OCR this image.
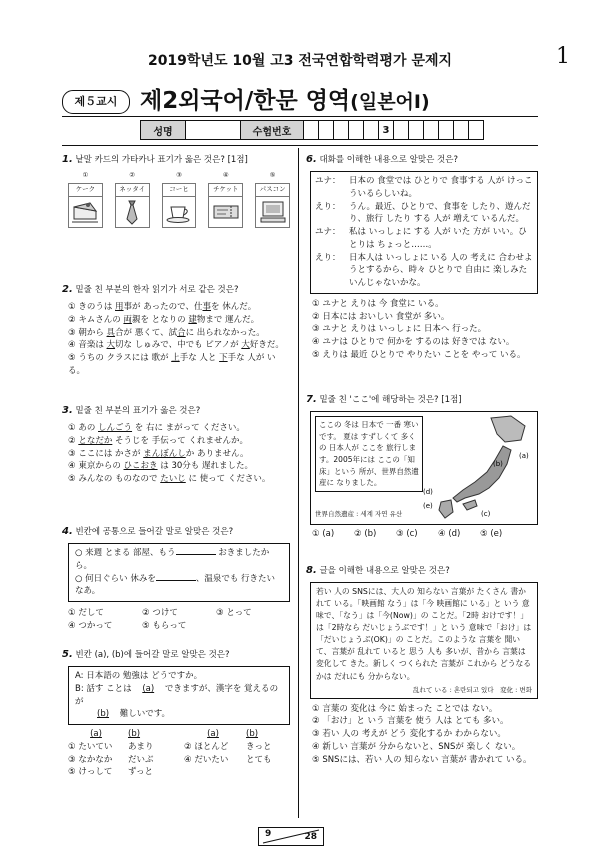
2019학년도 10월 고3 전국연합학력평가 문제지	1
제５교시 제2외국어/한문 영역(일본어Ⅰ)
성명		수험번호						3						
1. 낱말 카드의 가타카나 표기가 옳은 것은? [1점]
①
ケーク
②
ネッタイ
③
コーヒ
④
チケット
⑤
パスコン
2. 밑줄 친 부분의 한자 읽기가 서로 같은 것은?
① きのうは 用事が あったので、仕事を 休んだ。
② キムさんの 両親を となりの 建物まで 運んだ。
③ 朝から 具合が 悪くて、試合に 出られなかった。
④ 音楽は 大切な しゅみで、中でも ピアノが 大好きだ。
⑤ うちの クラスには 歌が 上手な 人と 下手な 人が いる。
3. 밑줄 친 부분의 표기가 옳은 것은?
① あの しんごう を 右に まがって ください。
② となだか そうじを 手伝って くれませんか。
③ ここには かさが まんぼんしか ありません。
④ 東京からの ひこおき は 30分も 遅れました。
⑤ みんなの ものなので たいじ に 使って ください。
4. 빈칸에 공통으로 들어갈 말로 알맞은 것은?
○ 来週 とまる 部屋、もう	おきましたから。
○ 何日ぐらい 休みを	、温泉でも 行きたいなあ。
① だして	② つけて	③ とって
④ つかって	⑤ もらって
5. 빈칸 (a), (b)에 들어갈 말로 알맞은 것은?
A: 日本語の 勉強は どうですか。
B: 話す ことは (a) できますが、漢字を 覚えるのが
(b) 難しいです。
(a)	(b)	(a)	(b)
① たいてい	あまり	② ほとんど	きっと
③ なかなか	だいぶ	④ だいたい	とても
⑤ けっして	ずっと		
6. 대화를 이해한 내용으로 알맞은 것은?
ユナ： 日本の 食堂では ひとりで 食事する 人が けっこういるらしいね。
えり： うん。最近、ひとりで、食事を したり、遊んだり、旅行 したり する 人が 増えて いるんだ。
ユナ： 私は いっしょに する 人が いた 方が いい。ひとりは ちょっと……。
えり： 日本人は いっしょに いる 人の 考えに 合わせようとするから、時々 ひとりで 自由に 楽しみたいんじゃないかな。
① ユナと えりは 今 食堂に いる。
② 日本には おいしい 食堂が 多い。
③ ユナと えりは いっしょに 日本へ 行った。
④ ユナは ひとりで 何かを するのは 好きでは ない。
⑤ えりは 最近 ひとりで やりたい ことを やって いる。
7. 밑줄 친 'ここ'에 해당하는 것은? [1점]
ここの 冬は 日本で 一番 寒いです。 夏は すずしくて 多くの 日本人が ここを 旅行します。2005年には ここの「知床」という 所が、世界自然遺産に なりました。
世界自然遺産 : 세계 자연 유산
(a)
(b)
(c)
(d)
(e)
① (a) ② (b) ③ (c) ④ (d) ⑤ (e)
8. 글을 이해한 내용으로 알맞은 것은?
若い 人の SNSには、大人の 知らない 言葉が たくさん 書かれて いる。「映画館 なう」は「今 映画館に いる」と いう 意味で、「なう」は「今(Now)」の ことだ。「2時 おけです！」は「2時なら だいじょうぶです！」と いう 意味で「おけ」は「だいじょうぶ(OK)」の ことだ。このような 言葉を 聞いて、言葉が 乱れて いると 思う 人も 多いが、昔から 言葉は 変化して きた。新しく つくられた 言葉が これから どうなるかは だれにも 分からない。
乱れて いる : 혼란되고 있다　変化 : 변화
① 言葉の 変化は 今に 始まった ことでは ない。
② 「おけ」と いう 言葉を 使う 人は とても 多い。
③ 若い 人の 考えが どう 変化するか わからない。
④ 新しい 言葉が 分からないと、SNSが 楽しく ない。
⑤ SNSには、若い 人の 知らない 言葉が 書かれて いる。
9	28
